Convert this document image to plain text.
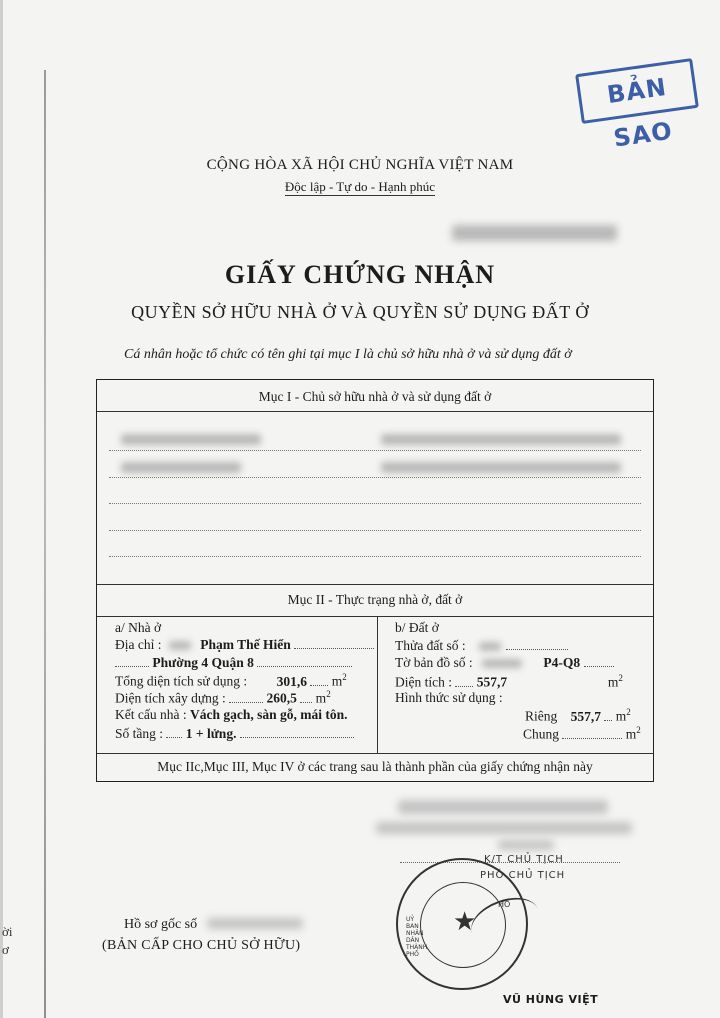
ời
ơ
BẢN SAO
CỘNG HÒA XÃ HỘI CHỦ NGHĨA VIỆT NAM
Độc lập - Tự do - Hạnh phúc
GIẤY CHỨNG NHẬN
QUYỀN SỞ HỮU NHÀ Ở VÀ QUYỀN SỬ DỤNG ĐẤT Ở
Cá nhân hoặc tổ chức có tên ghi tại mục I là chủ sở hữu nhà ở và sử dụng đất ở
Mục I - Chủ sở hữu nhà ở và sử dụng đất ở
Mục II - Thực trạng nhà ở, đất ở
a/ Nhà ở
Địa chỉ :	Phạm Thế Hiển
Phường 4 Quận 8
Tổng diện tích sử dụng : 301,6 $m^2$
Diện tích xây dựng :	260,5 $m^2$
Kết cấu nhà : Vách gạch, sàn gỗ, mái tôn.
Số tầng : 1 + lửng.
b/ Đất ở
Thửa đất số :
Tờ bản đồ số :	P4-Q8
Diện tích : 557,7	$m^2$
Hình thức sử dụng :
Riêng 557,7 $m^2$
Chung	$m^2$
Mục IIc,Mục III, Mục IV ở các trang sau là thành phần của giấy chứng nhận này
K/T CHỦ TỊCH
PHÓ CHỦ TỊCH
★
HỒ
UỶ BAN NHÂN DÂN THÀNH PHỐ
VŨ HÙNG VIỆT
Hồ sơ gốc số
(BẢN CẤP CHO CHỦ SỞ HỮU)
